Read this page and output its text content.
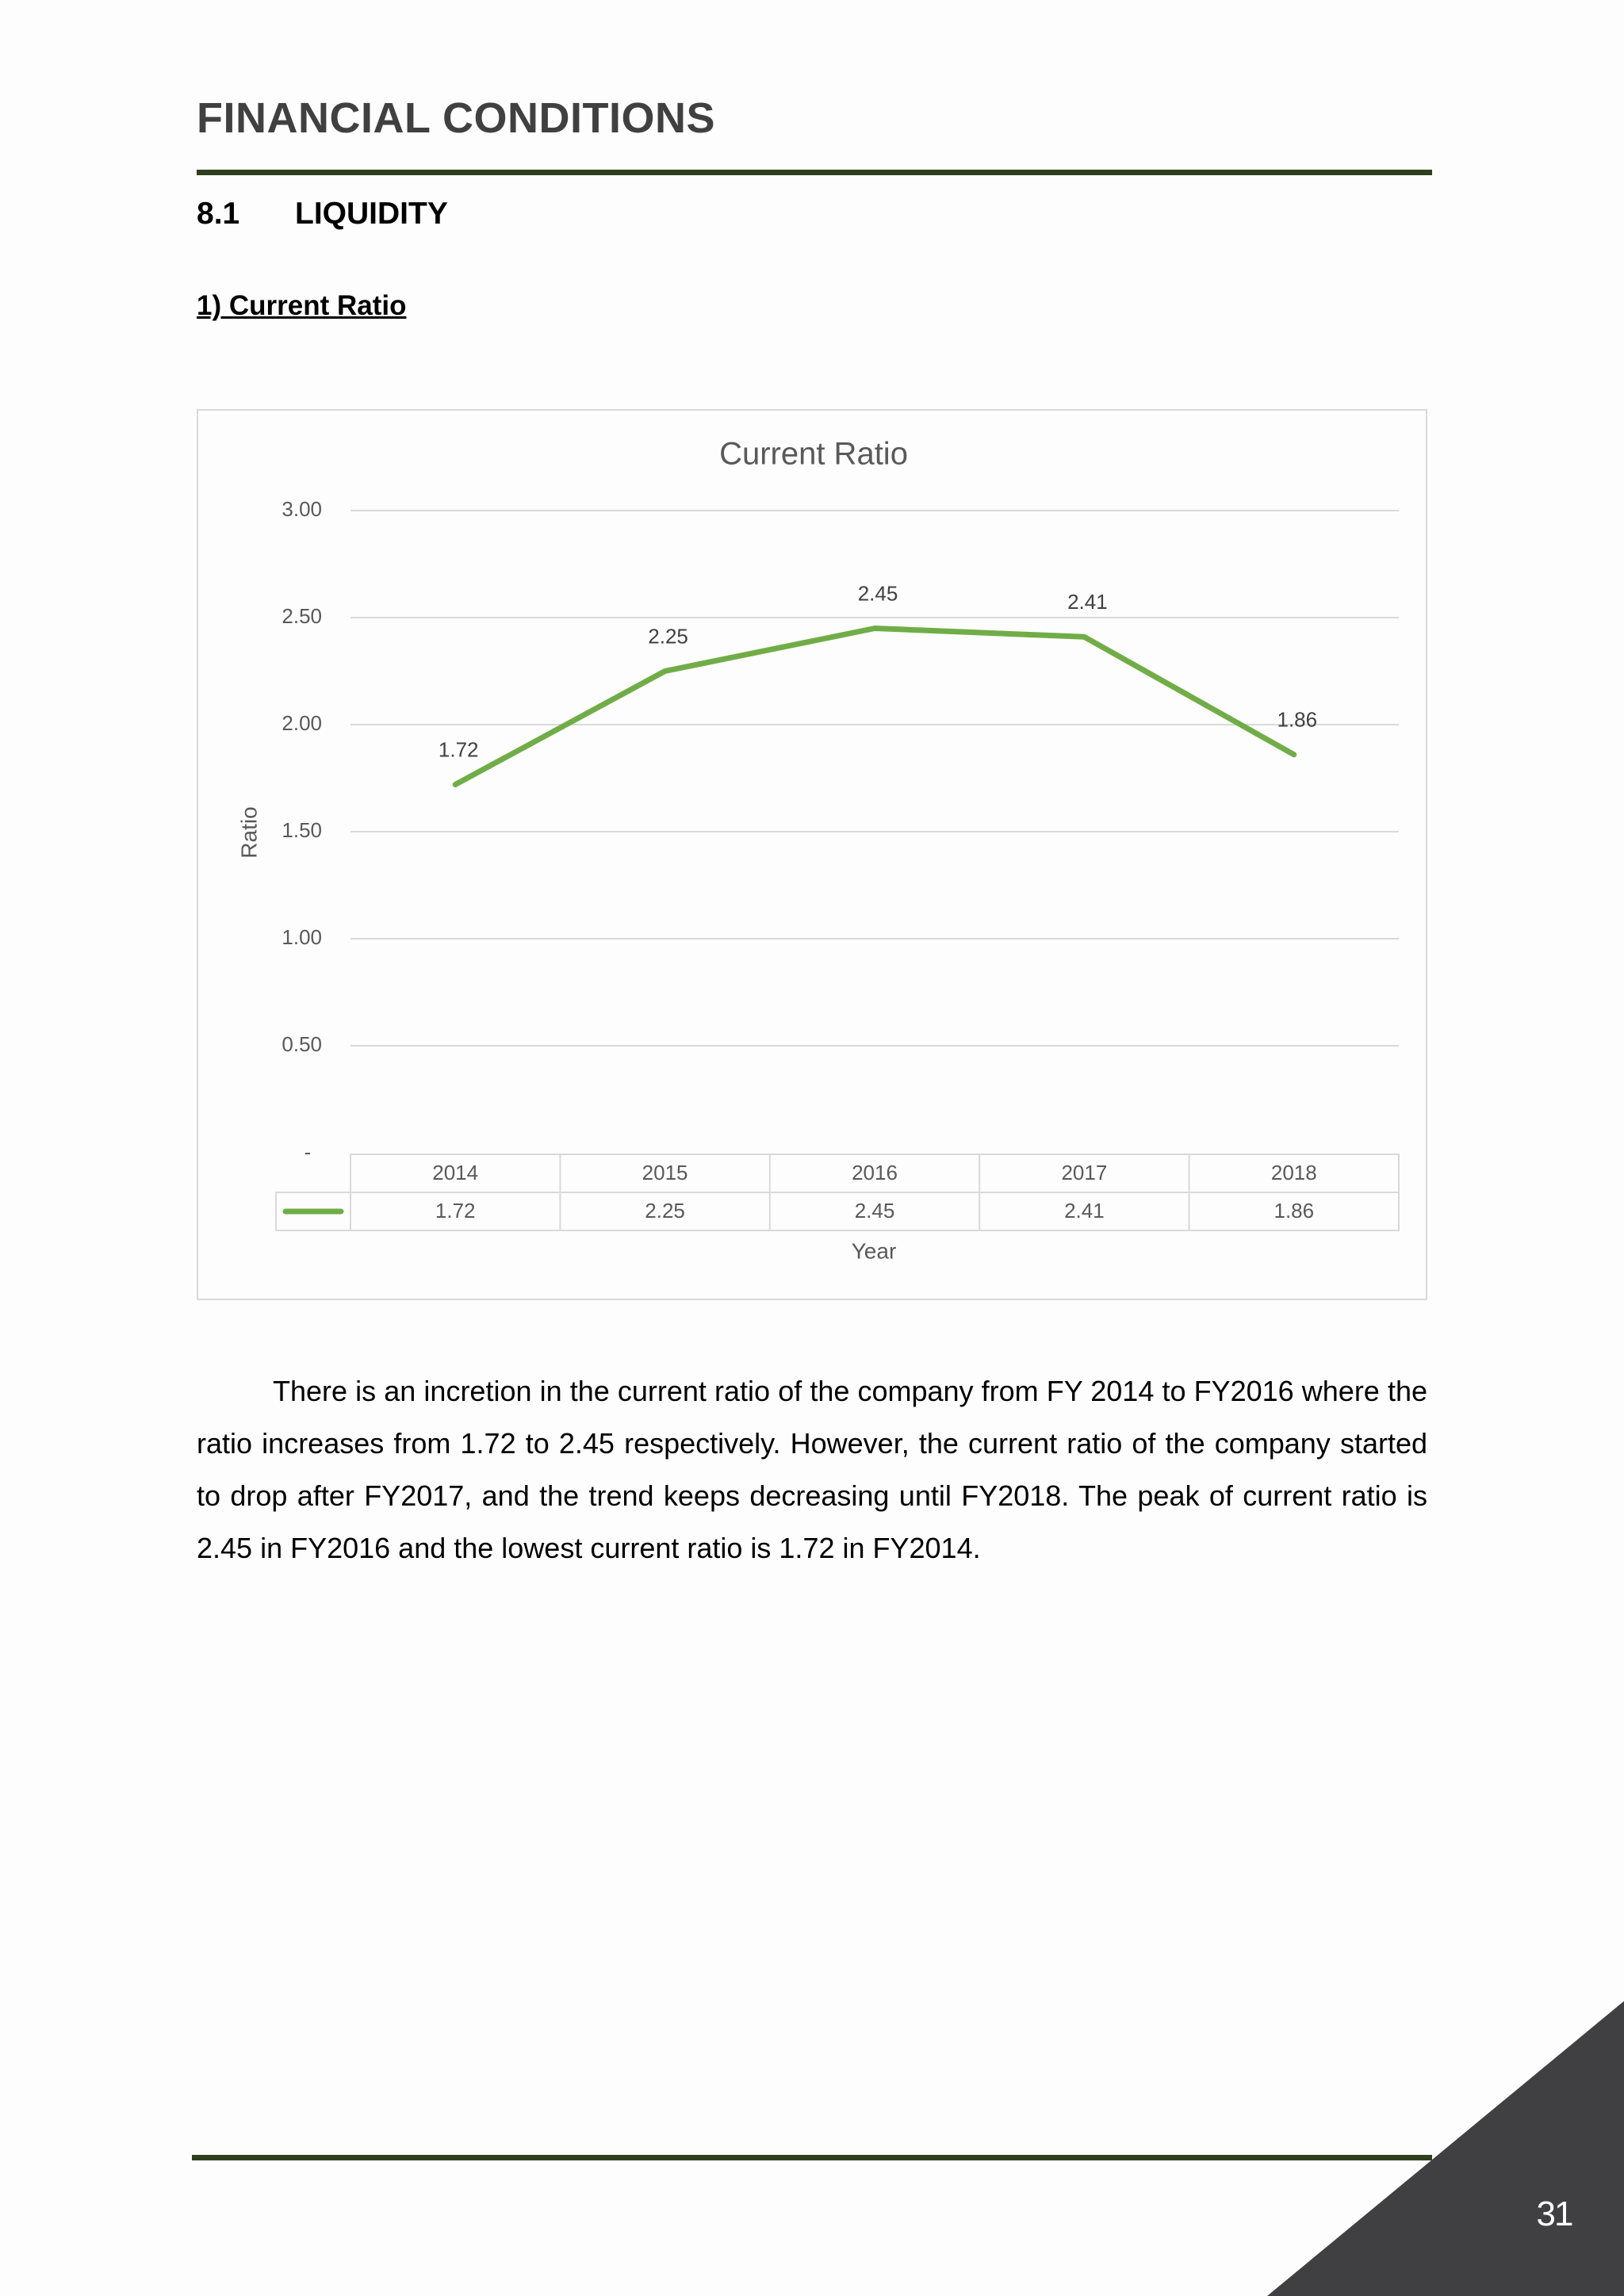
FINANCIAL CONDITIONS
8.1 LIQUIDITY
1) Current Ratio
Current Ratio
-
0.50
1.00
1.50
2.00
2.50
3.00
Ratio
1.72
2.25
2.45	2.41
1.86
2014
1.72
2015
2.25
2016
2.45
2017
2.41
2018
1.86
Year

There is an incretion in the current ratio of the company from FY 2014 to FY2016 where the ratio increases from 1.72 to 2.45 respectively. However, the current ratio of the company started to drop after FY2017, and the trend keeps decreasing until FY2018. The peak of current ratio is 2.45 in FY2016 and the lowest current ratio is 1.72 in FY2014.

31
